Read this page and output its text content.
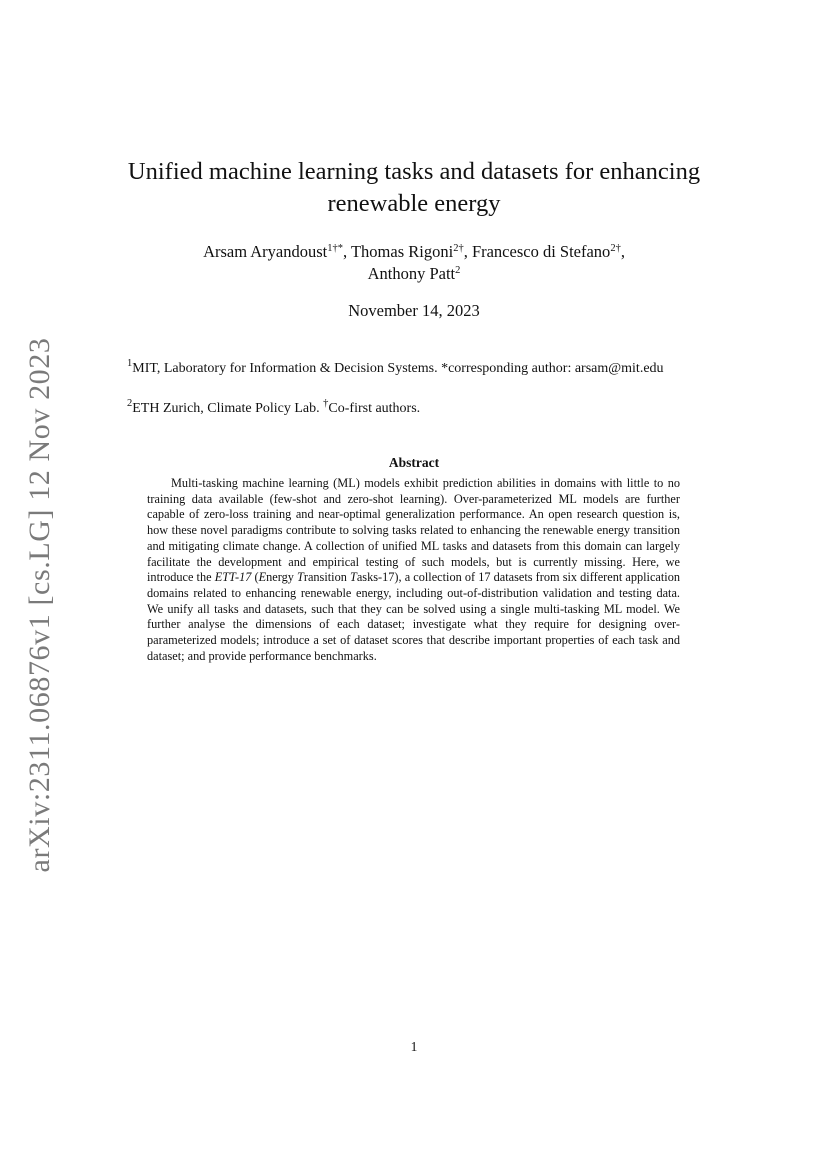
arXiv:2311.06876v1 [cs.LG] 12 Nov 2023
Unified machine learning tasks and datasets for enhancing renewable energy
Arsam Aryandoust$^{1\dagger*}$, Thomas Rigoni$^{2\dagger}$, Francesco di Stefano$^{2\dagger}$,
Anthony Patt$^2$
November 14, 2023
$^1$MIT, Laboratory for Information & Decision Systems. *corresponding author: arsam@mit.edu
$^2$ETH Zurich, Climate Policy Lab. †Co-first authors.
Abstract

Multi-tasking machine learning (ML) models exhibit prediction abilities in domains with little to no training data available (few-shot and zero-shot learning). Over-parameterized ML models are further capable of zero-loss training and near-optimal generalization performance. An open research question is, how these novel paradigms contribute to solving tasks related to enhancing the renewable energy transition and mitigating climate change. A collection of unified ML tasks and datasets from this domain can largely facilitate the development and empirical testing of such models, but is currently missing. Here, we introduce the ETT-17 (Energy Transition Tasks-17), a collection of 17 datasets from six different application domains related to enhancing renewable energy, including out-of-distribution validation and testing data. We unify all tasks and datasets, such that they can be solved using a single multi-tasking ML model. We further analyse the dimensions of each dataset; investigate what they require for designing over-parameterized models; introduce a set of dataset scores that describe important properties of each task and dataset; and provide performance benchmarks.

1
